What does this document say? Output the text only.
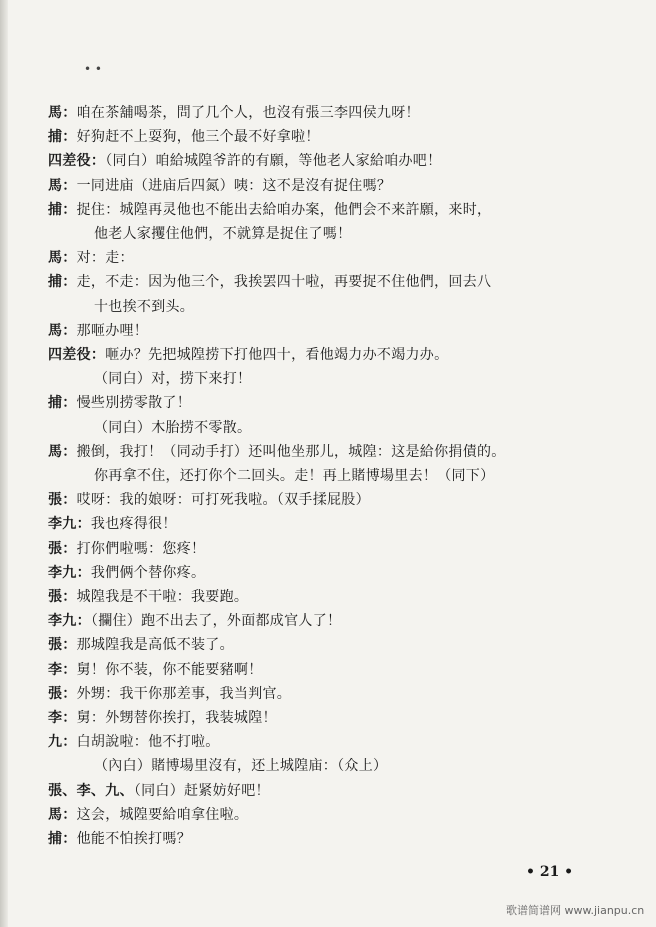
• •
馬：咱在茶舖喝茶，問了几个人，也沒有張三李四侯九呀！
捕：好狗赶不上耍狗，他三个最不好拿啦！
四差役：（同白）咱給城隍爷許的有願，等他老人家給咱办吧！
馬：一同进庙（进庙后四氮）咦：这不是沒有捉住嗎？
捕：捉住：城隍再灵他也不能出去給咱办案，他們会不来許願，来时，
他老人家攫住他們，不就算是捉住了嗎！
馬：对：走：
捕：走，不走：因为他三个，我挨罢四十啦，再要捉不住他們，回去八
十也挨不到头。
馬：那咂办哩！
四差役：咂办？先把城隍捞下打他四十，看他竭力办不竭力办。
（同白）对，捞下来打！
捕：慢些別捞零散了！
（同白）木胎捞不零散。
馬：搬倒，我打！（同动手打）还叫他坐那儿，城隍：这是給你捐債的。
你再拿不住，还打你个二回头。走！再上賭博場里去！（同下）
張：哎呀：我的娘呀：可打死我啦。（双手揉屁股）
李九：我也疼得很！
張：打你們啦嗎：您疼！
李九：我們俩个替你疼。
張：城隍我是不干啦：我要跑。
李九：（攔住）跑不出去了，外面都成官人了！
張：那城隍我是高低不装了。
李：舅！你不装，你不能要豬啊！
張：外甥：我干你那差事，我当判官。
李：舅：外甥替你挨打，我装城隍！
九：白胡說啦：他不打啦。
（內白）賭博場里沒有，还上城隍庙：（众上）
張、李、九、（同白）赶紧妨好吧！
馬：这会，城隍要給咱拿住啦。
捕：他能不怕挨打嗎？
• 21 •
歌谱简谱网 www.jianpu.cn
